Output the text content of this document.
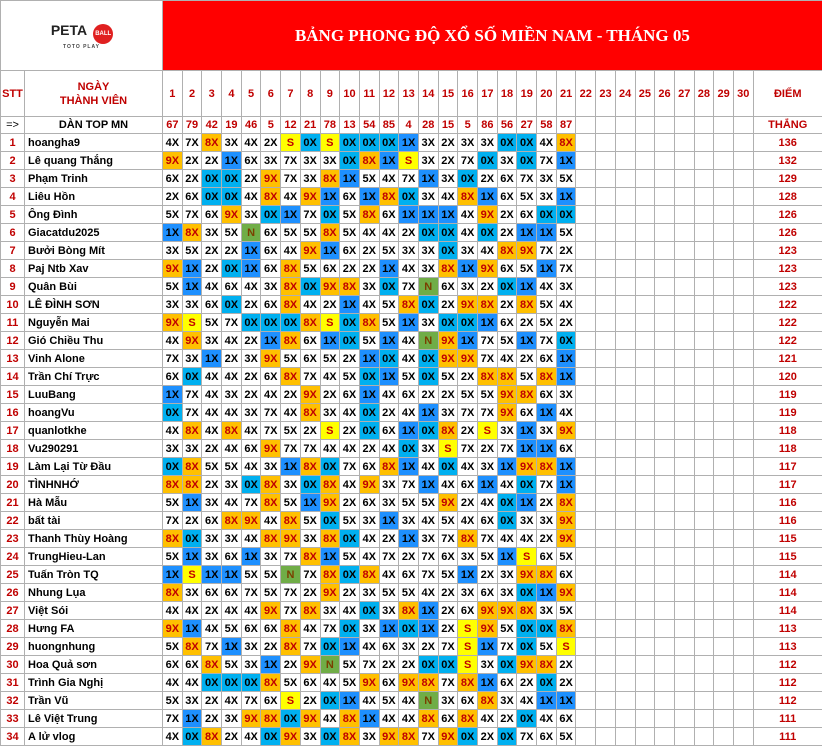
PETA BALL
TOTO PLAY		BẢNG PHONG ĐỘ XỔ SỐ MIỀN NAM - THÁNG 05																														
STT	NGÀY
THÀNH VIÊN	1	2	3	4	5	6	7	8	9	10	11	12	13	14	15	16	17	18	19	20	21	22	23	24	25	26	27	28	29	30	ĐIỂM
=>	DÀN TOP MN	67	79	42	19	46	5	12	21	78	13	54	85	4	28	15	5	86	56	27	58	87										THẮNG
1	hoangha9	4X	7X	8X	3X	4X	2X	S	0X	S	0X	0X	0X	1X	3X	2X	3X	3X	0X	0X	4X	8X										136
2	Lê quang Thắng	9X	2X	2X	1X	6X	3X	7X	3X	3X	0X	8X	1X	S	3X	2X	7X	0X	3X	0X	7X	1X										132
3	Phạm Trinh	6X	2X	0X	0X	2X	9X	7X	3X	8X	1X	5X	4X	7X	1X	3X	0X	2X	6X	7X	3X	5X										129
4	Liêu Hồn	2X	6X	0X	0X	4X	8X	4X	9X	1X	6X	1X	8X	0X	3X	4X	8X	1X	6X	5X	3X	1X										128
5	Ông Đình	5X	7X	6X	9X	3X	0X	1X	7X	0X	5X	8X	6X	1X	1X	1X	4X	9X	2X	6X	0X	0X										126
6	Giacatdu2025	1X	8X	3X	5X	N	6X	5X	5X	8X	5X	4X	4X	2X	0X	0X	4X	0X	2X	1X	1X	5X										126
7	Bưởi Bòng Mít	3X	5X	2X	2X	1X	6X	4X	9X	1X	6X	2X	5X	3X	3X	0X	3X	4X	8X	9X	7X	2X										123
8	Paj Ntb Xav	9X	1X	2X	0X	1X	6X	8X	5X	6X	2X	2X	1X	4X	3X	8X	1X	9X	6X	5X	1X	7X										123
9	Quân Bùi	5X	1X	4X	6X	4X	3X	8X	0X	9X	8X	3X	0X	7X	N	6X	3X	2X	0X	1X	4X	3X										123
10	LÊ ĐÌNH SƠN	3X	3X	6X	0X	2X	6X	8X	4X	2X	1X	4X	5X	8X	0X	2X	9X	8X	2X	8X	5X	4X										122
11	Nguyễn Mai	9X	S	5X	7X	0X	0X	0X	8X	S	0X	8X	5X	1X	3X	0X	0X	1X	6X	2X	5X	2X										122
12	Gió Chiều Thu	4X	9X	3X	4X	2X	1X	8X	6X	1X	0X	5X	1X	4X	N	9X	1X	7X	5X	1X	7X	0X										122
13	Vinh Alone	7X	3X	1X	2X	3X	9X	5X	6X	5X	2X	1X	0X	4X	0X	9X	9X	7X	4X	2X	6X	1X										121
14	Trần Chí Trực	6X	0X	4X	4X	2X	6X	8X	7X	4X	5X	0X	1X	5X	0X	5X	2X	8X	8X	5X	8X	1X										120
15	LuuBang	1X	7X	4X	3X	2X	4X	2X	9X	2X	6X	1X	4X	6X	2X	2X	5X	5X	9X	8X	6X	3X										119
16	hoangVu	0X	7X	4X	4X	3X	7X	4X	8X	3X	4X	0X	2X	4X	1X	3X	7X	7X	9X	6X	1X	4X										119
17	quanlotkhe	4X	8X	4X	8X	4X	7X	5X	2X	S	2X	0X	6X	1X	0X	8X	2X	S	3X	1X	3X	9X										118
18	Vu290291	3X	3X	2X	4X	6X	9X	7X	7X	4X	4X	2X	4X	0X	3X	S	7X	2X	7X	1X	1X	6X										118
19	Làm Lại Từ Đầu	0X	8X	5X	5X	4X	3X	1X	8X	0X	7X	6X	8X	1X	4X	0X	4X	3X	1X	9X	8X	1X										117
20	TÌNHNHỚ	8X	8X	2X	3X	0X	8X	3X	0X	8X	4X	9X	3X	7X	1X	4X	6X	1X	4X	0X	7X	1X										117
21	Hà Mẫu	5X	1X	3X	4X	7X	8X	5X	1X	9X	2X	6X	3X	5X	5X	9X	2X	4X	0X	1X	2X	8X										116
22	bất tài	7X	2X	6X	8X	9X	4X	8X	5X	0X	5X	3X	1X	3X	4X	5X	4X	6X	0X	3X	3X	9X										116
23	Thanh Thùy Hoàng	8X	0X	3X	3X	4X	8X	9X	3X	8X	0X	4X	2X	1X	3X	7X	8X	7X	4X	4X	2X	9X										115
24	TrungHieu-Lan	5X	1X	3X	6X	1X	3X	7X	8X	1X	5X	4X	7X	2X	7X	6X	3X	5X	1X	S	6X	5X										115
25	Tuấn Tròn TQ	1X	S	1X	1X	5X	5X	N	7X	8X	0X	8X	4X	6X	7X	5X	1X	2X	3X	9X	8X	6X										114
26	Nhung Lụa	8X	3X	6X	6X	7X	5X	7X	2X	9X	2X	3X	5X	5X	4X	2X	3X	6X	3X	0X	1X	9X										114
27	Việt Sói	4X	4X	2X	4X	4X	9X	7X	8X	3X	4X	0X	3X	8X	1X	2X	6X	9X	9X	8X	3X	5X										114
28	Hưng FA	9X	1X	4X	5X	6X	6X	8X	4X	7X	0X	3X	1X	0X	1X	2X	S	9X	5X	0X	0X	8X										113
29	huongnhung	5X	8X	7X	1X	3X	2X	8X	7X	0X	1X	4X	6X	3X	2X	7X	S	1X	7X	0X	5X	S										113
30	Hoa Quả sơn	6X	6X	8X	5X	3X	1X	2X	9X	N	5X	7X	2X	2X	0X	0X	S	3X	0X	9X	8X	2X										112
31	Trình Gia Nghị	4X	4X	0X	0X	0X	8X	5X	6X	4X	5X	9X	6X	9X	8X	7X	8X	1X	6X	2X	0X	2X										112
32	Trần Vũ	5X	3X	2X	4X	7X	6X	S	2X	0X	1X	4X	5X	4X	N	3X	6X	8X	3X	4X	1X	1X										112
33	Lê Việt Trung	7X	1X	2X	3X	9X	8X	0X	9X	4X	8X	1X	4X	4X	8X	6X	8X	4X	2X	0X	4X	6X										111
34	A lử vlog	4X	0X	8X	2X	4X	0X	9X	3X	0X	8X	3X	9X	8X	7X	9X	0X	2X	0X	7X	6X	5X										111
